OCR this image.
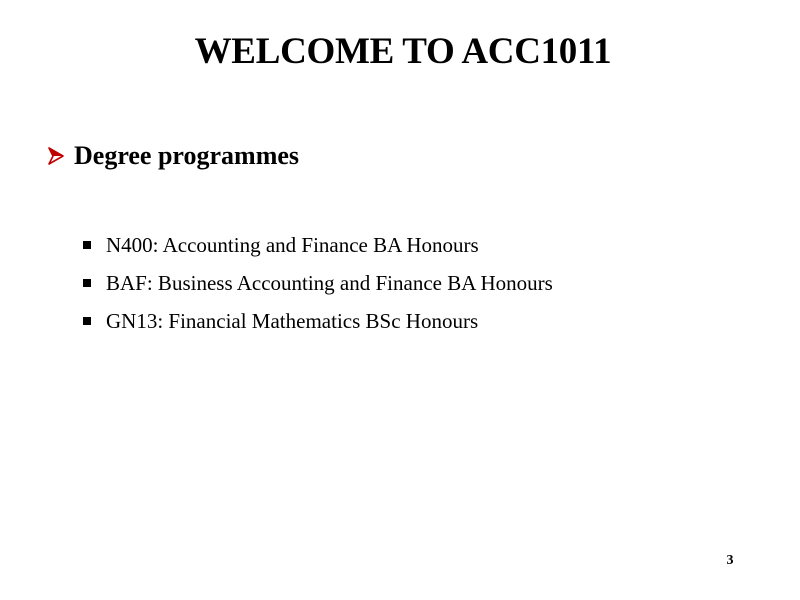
WELCOME TO ACC1011
Degree programmes
N400: Accounting and Finance BA Honours
BAF: Business Accounting and Finance BA Honours
GN13: Financial Mathematics BSc Honours
3
